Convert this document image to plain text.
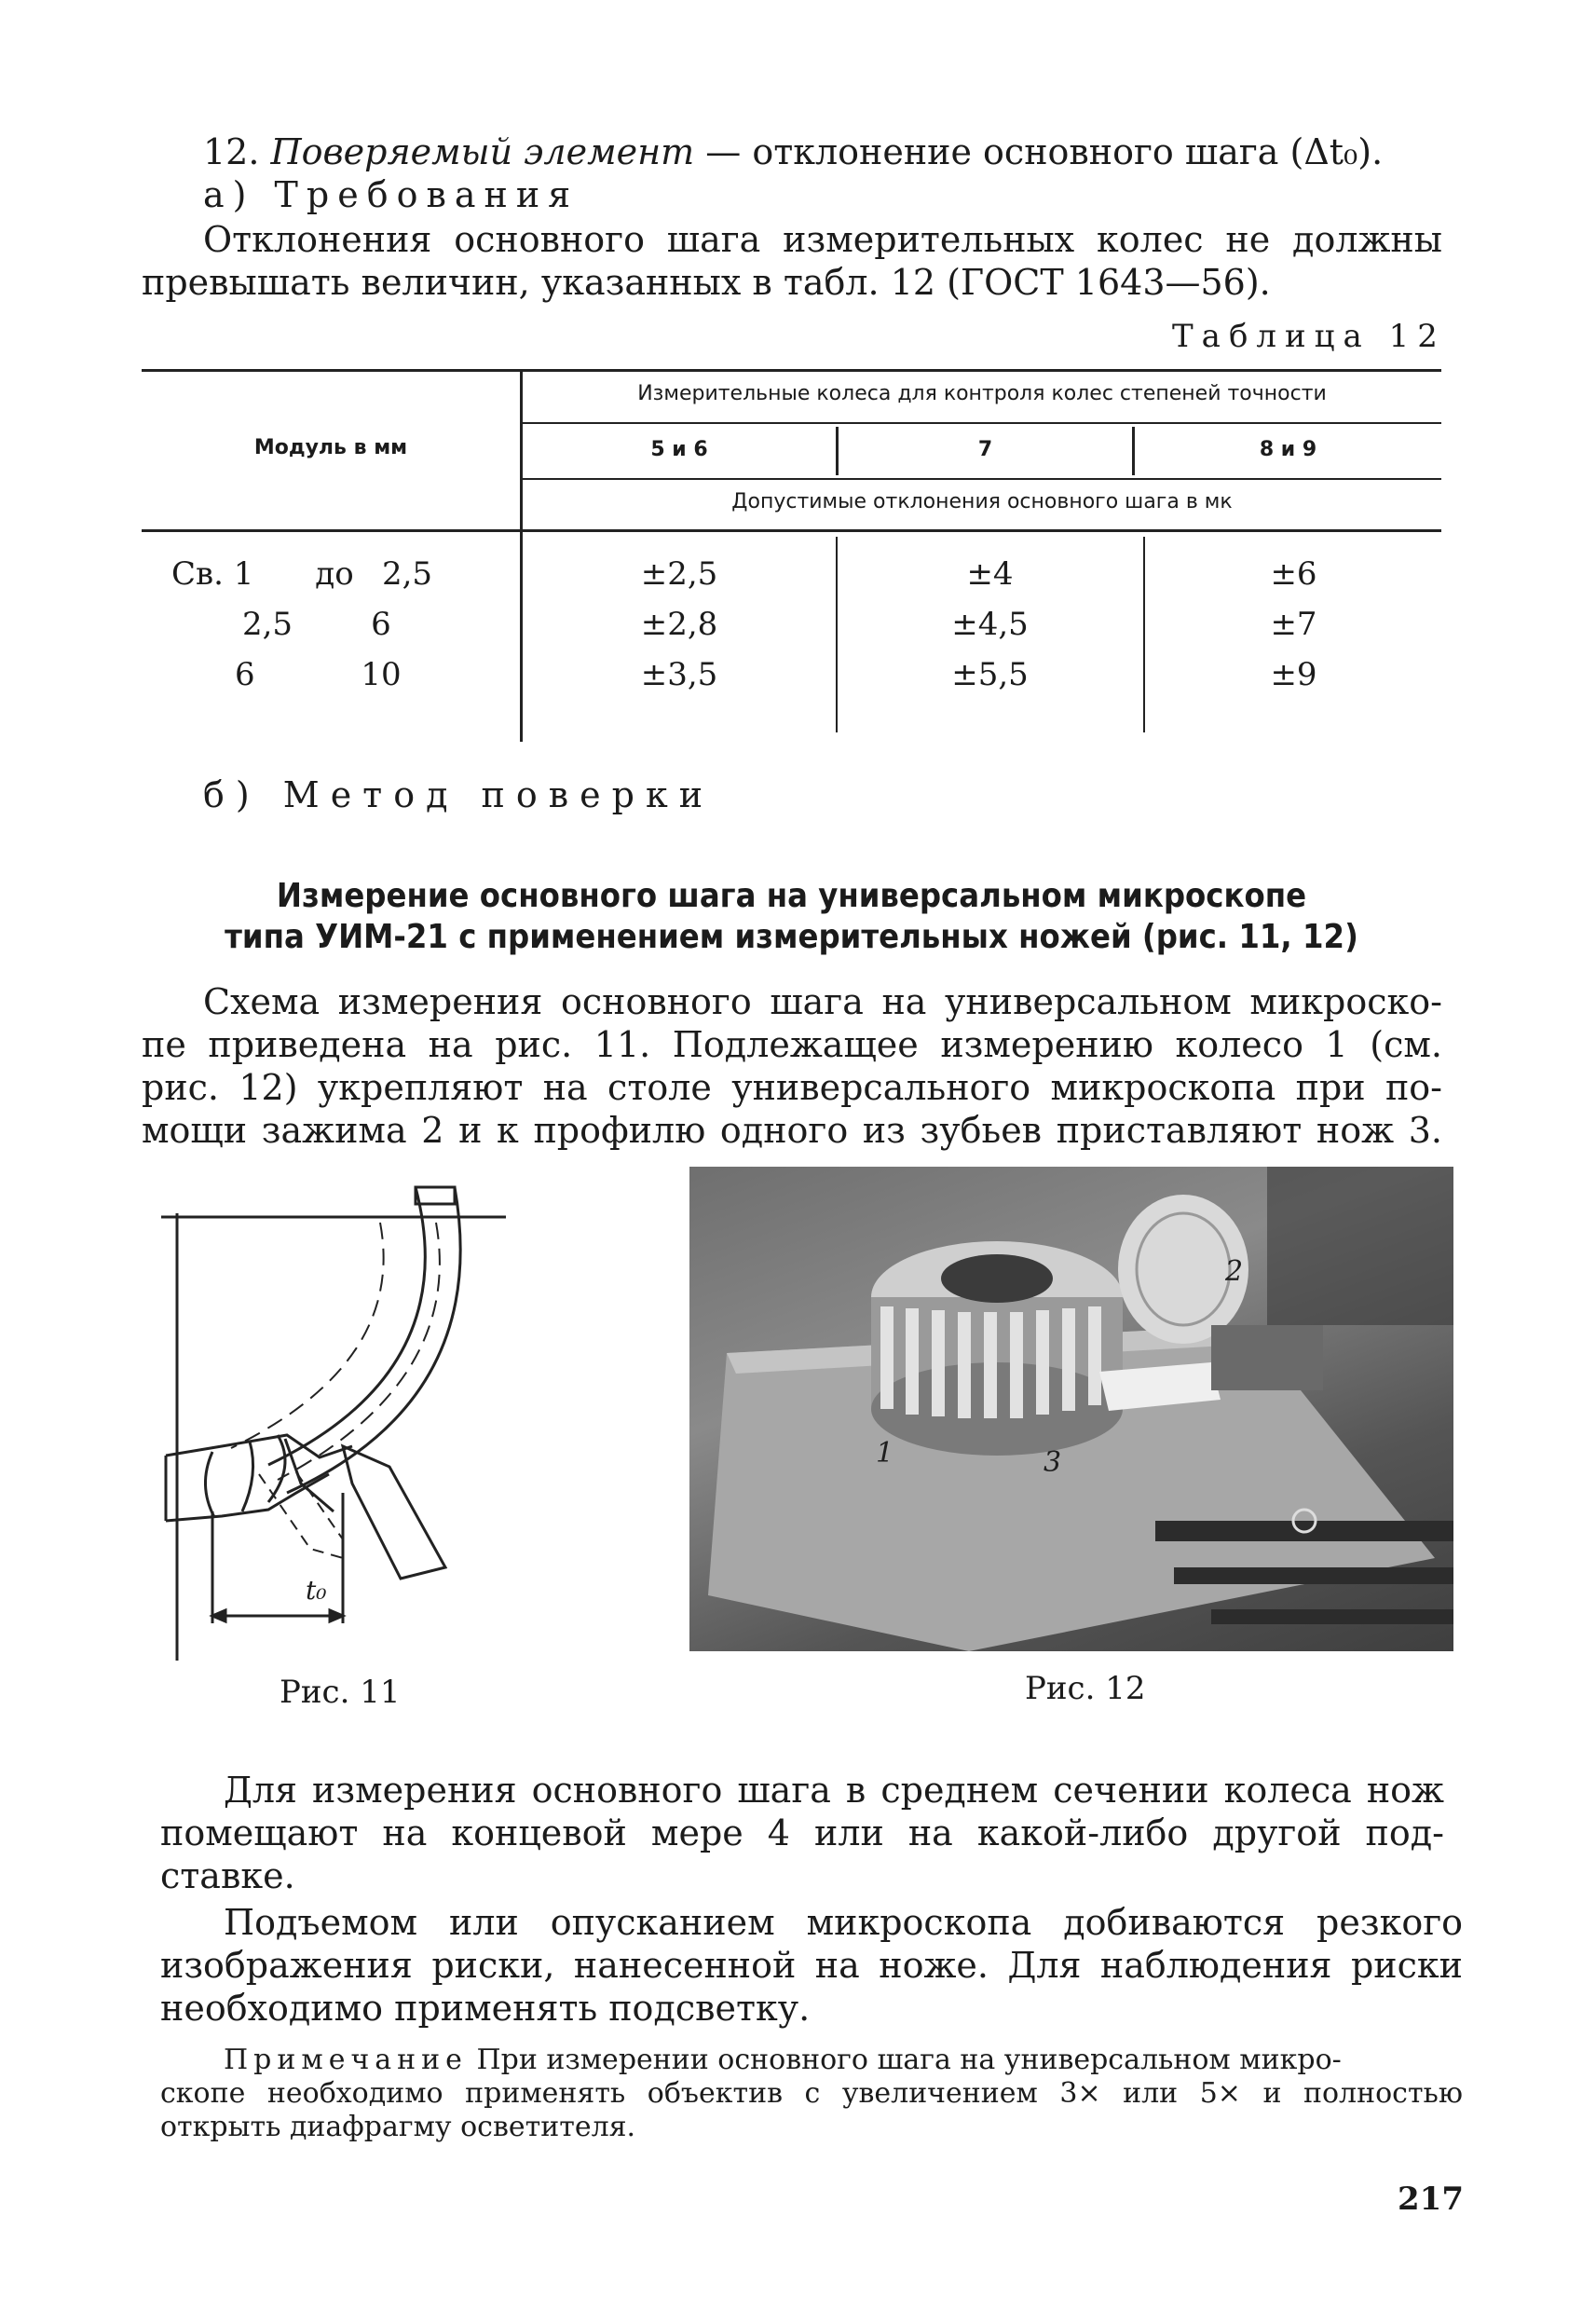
12. Поверяемый элемент — отклонение основного шага (Δt₀).
а) Требования
Отклонения основного шага измерительных колес не должны
превышать величин, указанных в табл. 12 (ГОСТ 1643—56).
Таблица 12
Модуль в мм
Измерительные колеса для контроля колес степеней точности
5 и 6	7	8 и 9
Допустимые отклонения основного шага в мк
Св. 1	до 2,5	±2,5	±4	±6
2,5	6	±2,8	±4,5	±7
6	10	±3,5	±5,5	±9
б) Метод поверки
Измерение основного шага на универсальном микроскопе
типа УИМ-21 с применением измерительных ножей (рис. 11, 12)
Схема измерения основного шага на универсальном микроско-
пе приведена на рис. 11. Подлежащее измерению колесо 1 (см.
рис. 12) укрепляют на столе универсального микроскопа при по-
мощи зажима 2 и к профилю одного из зубьев приставляют нож 3.
t₀
Рис. 11
1
2
3
Рис. 12
Для измерения основного шага в среднем сечении колеса нож
помещают на концевой мере 4 или на какой-либо другой под-
ставке.
Подъемом или опусканием микроскопа добиваются резкого
изображения риски, нанесенной на ноже. Для наблюдения риски
необходимо применять подсветку.
Примечание При измерении основного шага на универсальном микро-
скопе необходимо применять объектив с увеличением 3× или 5× и полностью
открыть диафрагму осветителя.
217
